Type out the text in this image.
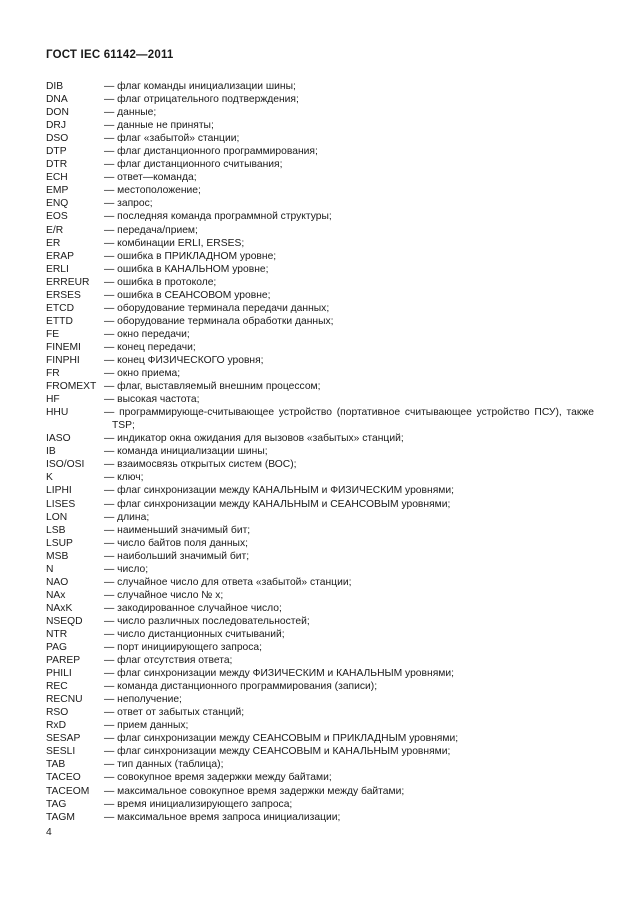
ГОСТ IEC 61142—2011
DIB	— флаг команды инициализации шины;
DNA	— флаг отрицательного подтверждения;
DON	— данные;
DRJ	— данные не приняты;
DSO	— флаг «забытой» станции;
DTP	— флаг дистанционного программирования;
DTR	— флаг дистанционного считывания;
ECH	— ответ—команда;
EMP	— местоположение;
ENQ	— запрос;
EOS	— последняя команда программной структуры;
E/R	— передача/прием;
ER	— комбинации ERLI, ERSES;
ERAP	— ошибка в ПРИКЛАДНОМ уровне;
ERLI	— ошибка в КАНАЛЬНОМ уровне;
ERREUR	— ошибка в протоколе;
ERSES	— ошибка в СЕАНСОВОМ уровне;
ETCD	— оборудование терминала передачи данных;
ETTD	— оборудование терминала обработки данных;
FE	— окно передачи;
FINEMI	— конец передачи;
FINPHI	— конец ФИЗИЧЕСКОГО уровня;
FR	— окно приема;
FROMEXT — флаг, выставляемый внешним процессом;
HF	— высокая частота;
HHU	— программирующе-считывающее устройство (портативное считывающее устройство ПСУ), также TSP;
IASO	— индикатор окна ожидания для вызовов «забытых» станций;
IB	— команда инициализации шины;
ISO/OSI	— взаимосвязь открытых систем (ВОС);
K	— ключ;
LIPHI	— флаг синхронизации между КАНАЛЬНЫМ и ФИЗИЧЕСКИМ уровнями;
LISES	— флаг синхронизации между КАНАЛЬНЫМ и СЕАНСОВЫМ уровнями;
LON	— длина;
LSB	— наименьший значимый бит;
LSUP	— число байтов поля данных;
MSB	— наибольший значимый бит;
N	— число;
NAO	— случайное число для ответа «забытой» станции;
NAx	— случайное число № x;
NAxK	— закодированное случайное число;
NSEQD	— число различных последовательностей;
NTR	— число дистанционных считываний;
PAG	— порт инициирующего запроса;
PAREP	— флаг отсутствия ответа;
PHILI	— флаг синхронизации между ФИЗИЧЕСКИМ и КАНАЛЬНЫМ уровнями;
REC	— команда дистанционного программирования (записи);
RECNU	— неполучение;
RSO	— ответ от забытых станций;
RxD	— прием данных;
SESAP	— флаг синхронизации между СЕАНСОВЫМ и ПРИКЛАДНЫМ уровнями;
SESLI	— флаг синхронизации между СЕАНСОВЫМ и КАНАЛЬНЫМ уровнями;
TAB	— тип данных (таблица);
TACEO	— совокупное время задержки между байтами;
TACEOM	— максимальное совокупное время задержки между байтами;
TAG	— время инициализирующего запроса;
TAGM	— максимальное время запроса инициализации;
4
